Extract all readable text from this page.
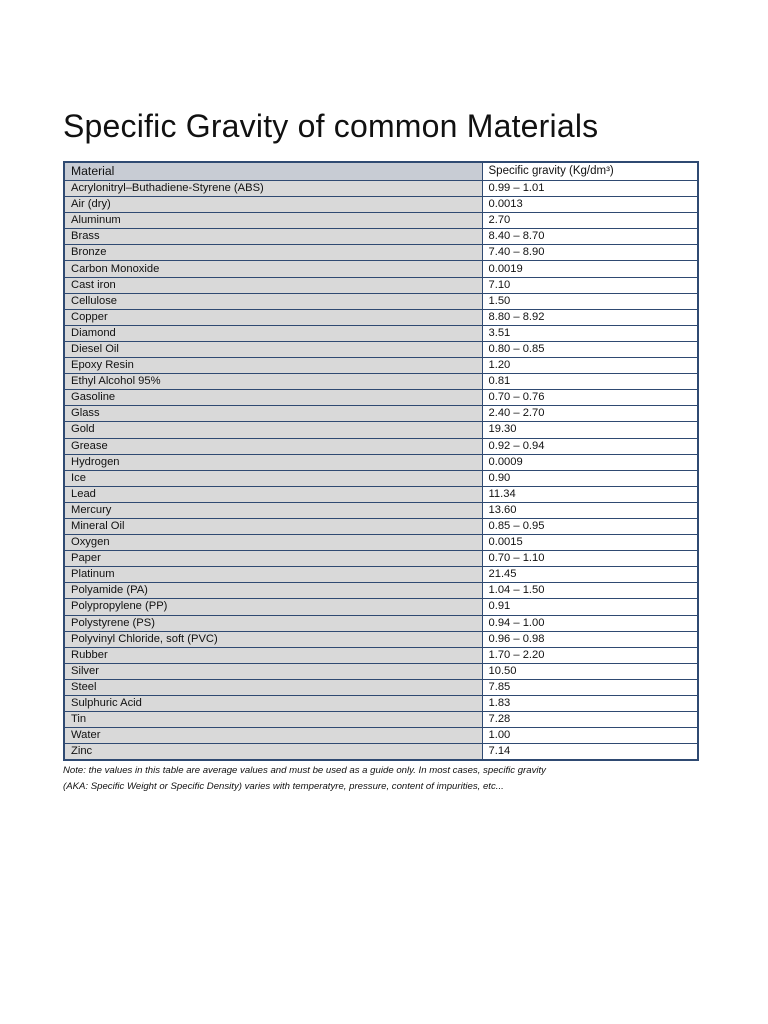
Specific Gravity of common Materials
Material	Specific gravity (Kg/dm³)
Acrylonitryl–Buthadiene-Styrene (ABS)	0.99 – 1.01
Air (dry)	0.0013
Aluminum	2.70
Brass	8.40 – 8.70
Bronze	7.40 – 8.90
Carbon Monoxide	0.0019
Cast iron	7.10
Cellulose	1.50
Copper	8.80 – 8.92
Diamond	3.51
Diesel Oil	0.80 – 0.85
Epoxy Resin	1.20
Ethyl Alcohol 95%	0.81
Gasoline	0.70 – 0.76
Glass	2.40 – 2.70
Gold	19.30
Grease	0.92 – 0.94
Hydrogen	0.0009
Ice	0.90
Lead	11.34
Mercury	13.60
Mineral Oil	0.85 – 0.95
Oxygen	0.0015
Paper	0.70 – 1.10
Platinum	21.45
Polyamide (PA)	1.04 – 1.50
Polypropylene (PP)	0.91
Polystyrene (PS)	0.94 – 1.00
Polyvinyl Chloride, soft (PVC)	0.96 – 0.98
Rubber	1.70 – 2.20
Silver	10.50
Steel	7.85
Sulphuric Acid	1.83
Tin	7.28
Water	1.00
Zinc	7.14

Note: the values in this table are average values and must be used as a guide only. In most cases, specific gravity (AKA: Specific Weight or Specific Density) varies with temperatyre, pressure, content of impurities, etc...
